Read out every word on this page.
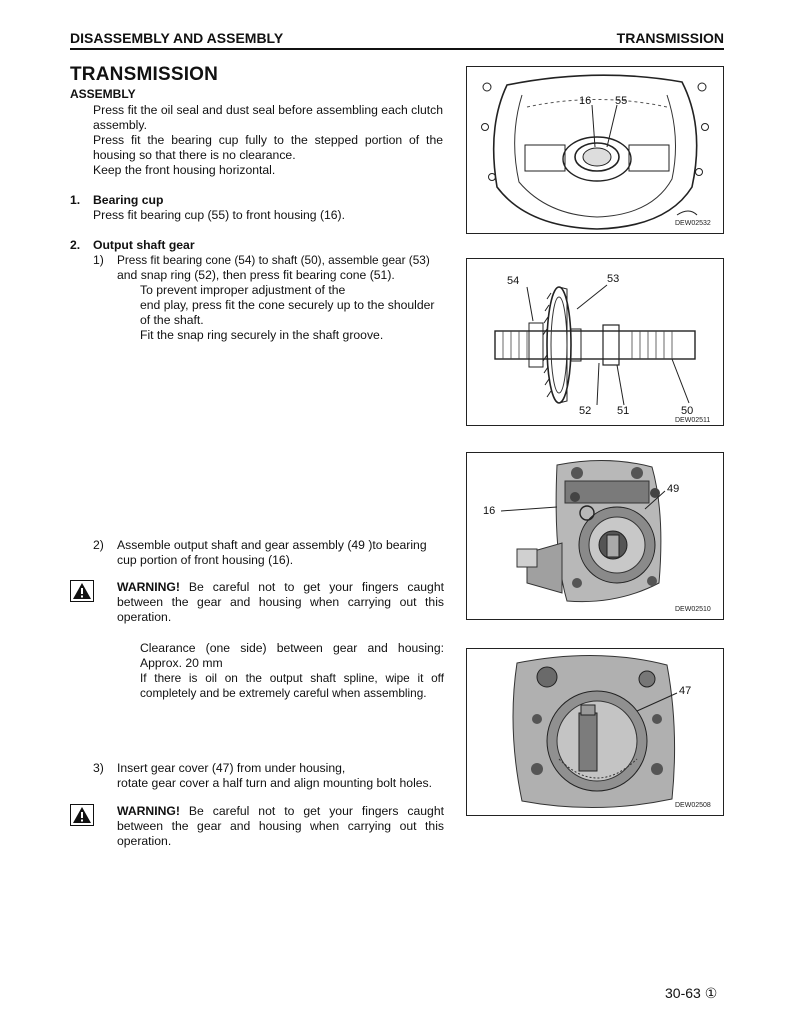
DISASSEMBLY AND ASSEMBLY	TRANSMISSION
TRANSMISSION
ASSEMBLY
Press fit the oil seal and dust seal before assembling each clutch assembly.
Press fit the bearing cup fully to the stepped portion of the housing so that there is no clearance.
Keep the front housing horizontal.
1. Bearing cup
Press fit bearing cup (55) to front housing (16).
2. Output shaft gear
1) Press fit bearing cone (54) to shaft (50), assemble gear (53)
and snap ring (52), then press fit bearing cone (51).
To prevent improper adjustment of the
end play, press fit the cone securely up to the shoulder of the shaft.
Fit the snap ring securely in the shaft groove.
2) Assemble output shaft and gear assembly (49 )to bearing cup portion of front housing (16).
WARNING! Be careful not to get your fingers caught between the gear and housing when carrying out this operation.
Clearance (one side) between gear and housing: Approx. 20 mm
If there is oil on the output shaft spline, wipe it off completely and be extremely careful when assembling.
3) Insert gear cover (47) from under housing,
rotate gear cover a half turn and align mounting bolt holes.
WARNING! Be careful not to get your fingers caught between the gear and housing when carrying out this operation.
16 55
DEW02532
54	53
52 51	50
DEW02511
49
16
DEW02510
47
DEW02508
30-63 ①
